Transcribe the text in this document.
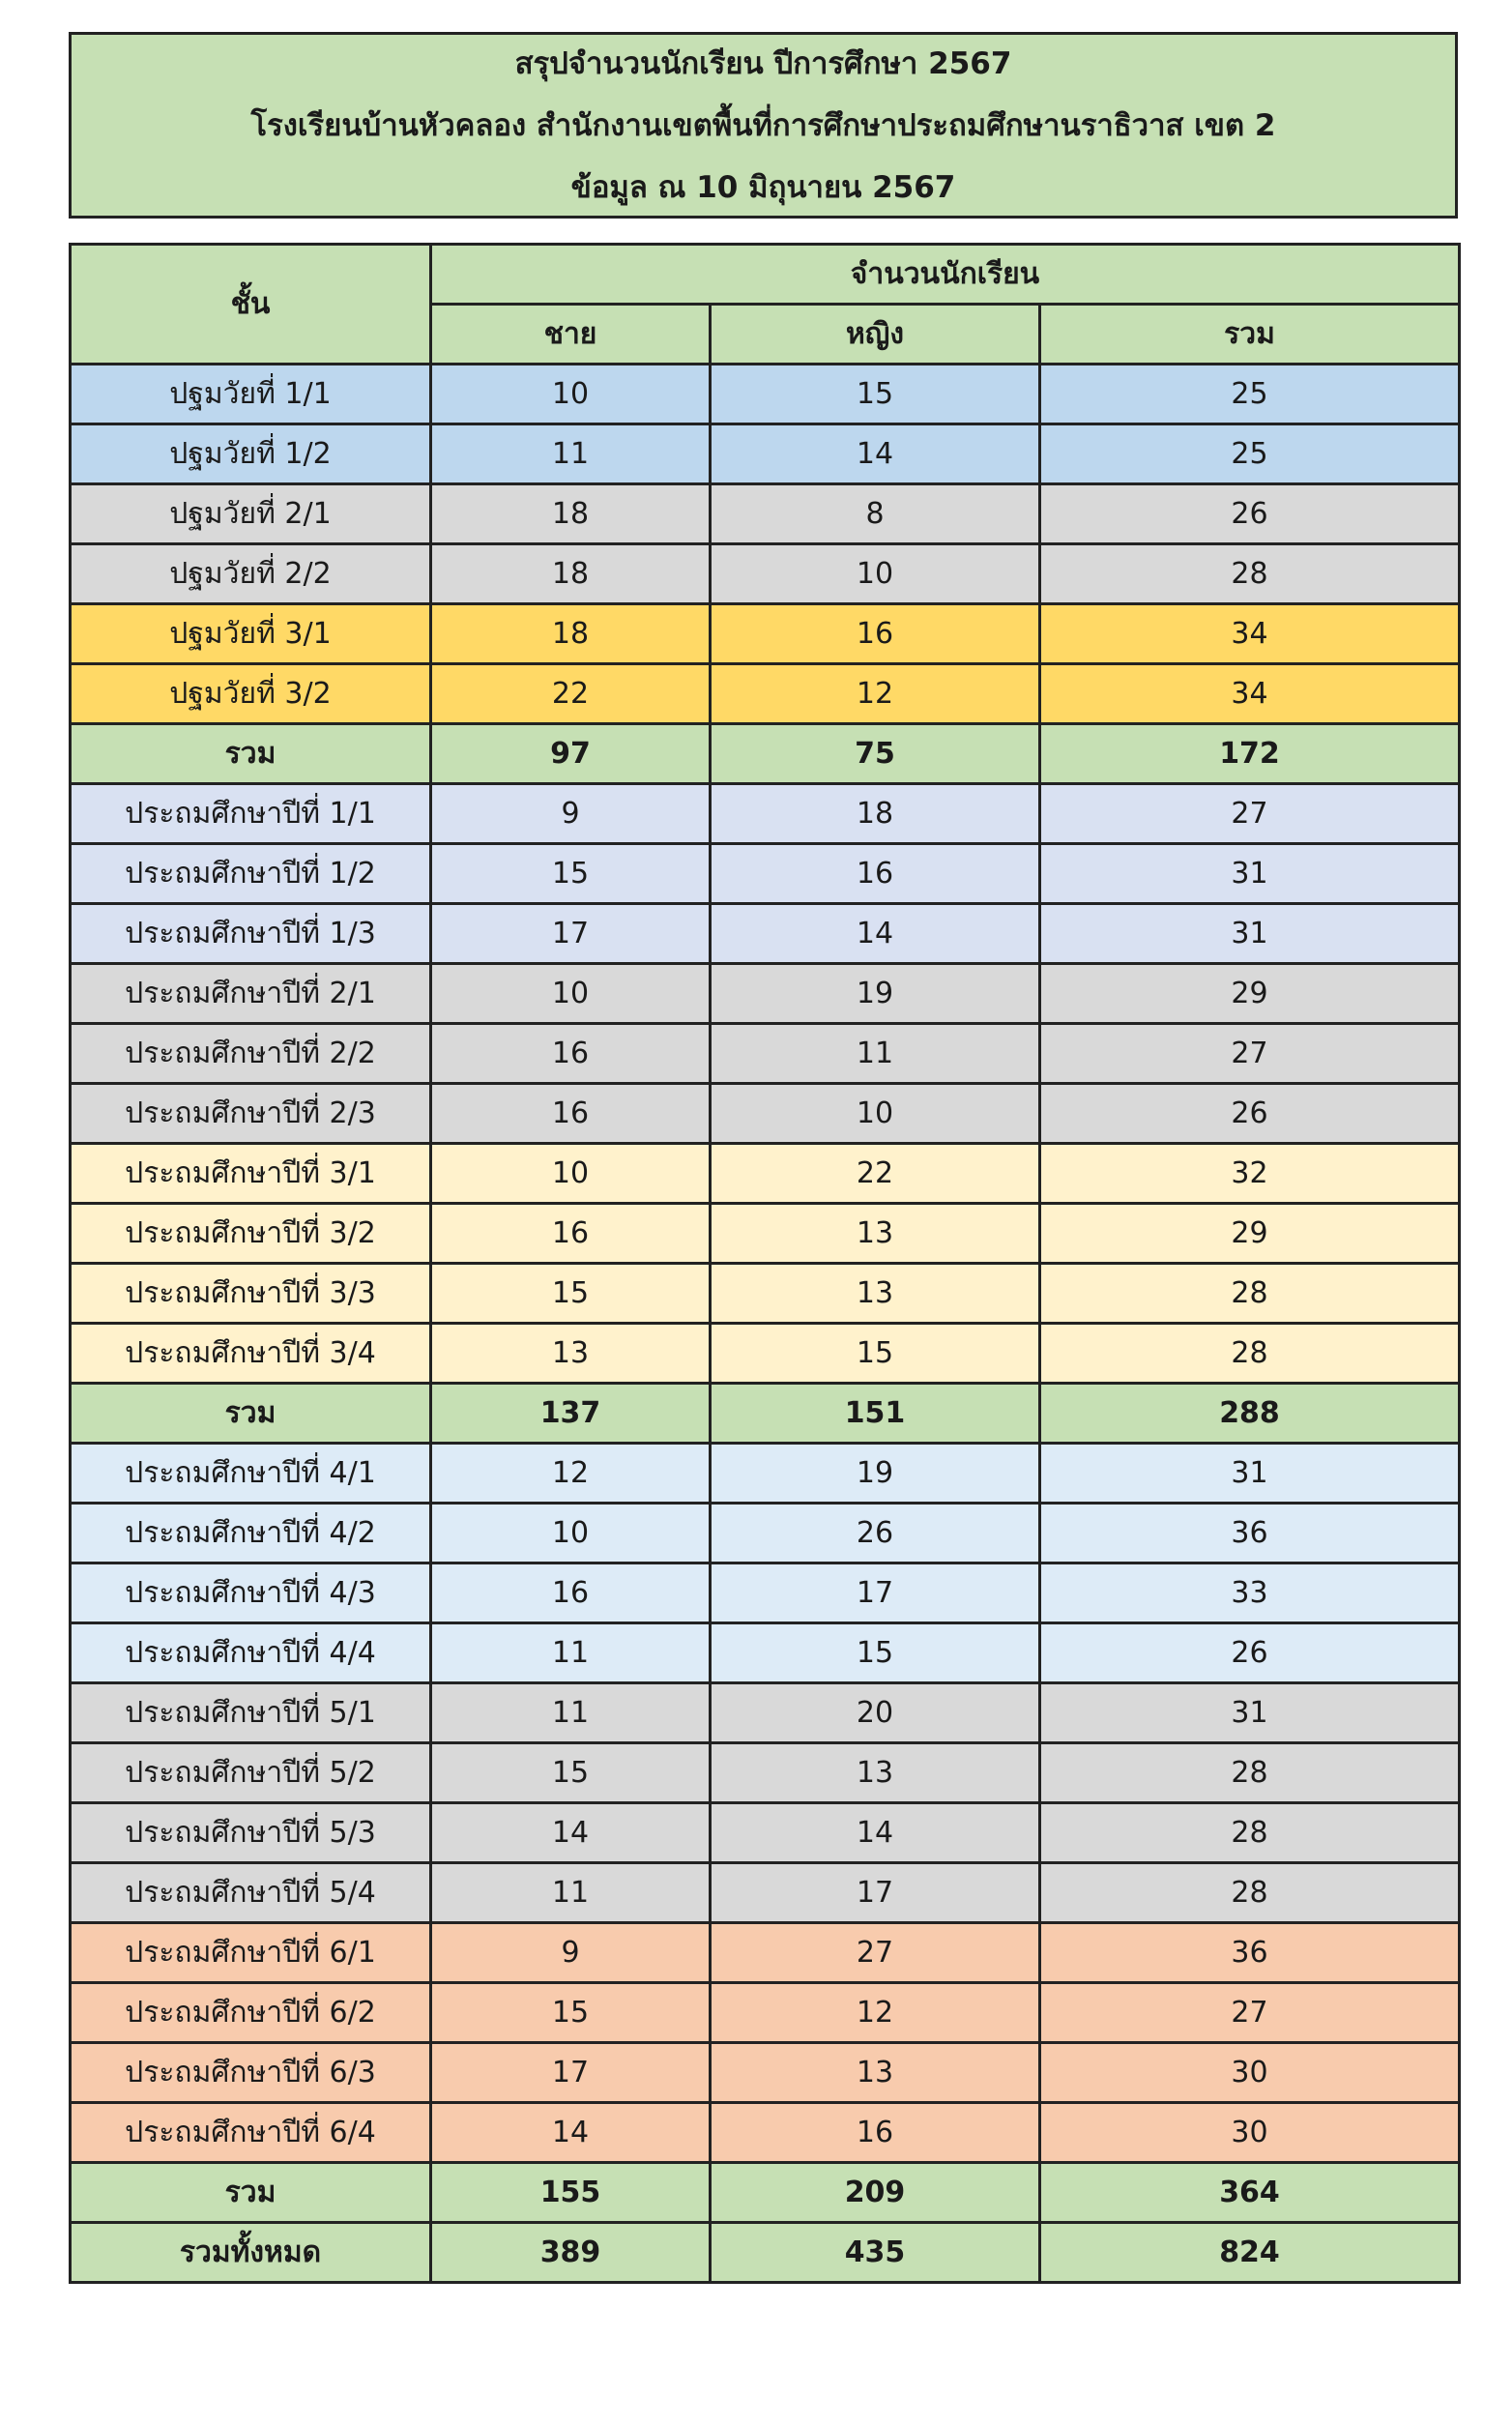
สรุปจำนวนนักเรียน ปีการศึกษา 2567
โรงเรียนบ้านหัวคลอง สำนักงานเขตพื้นที่การศึกษาประถมศึกษานราธิวาส เขต 2
ข้อมูล ณ 10 มิถุนายน 2567
ชั้น	จำนวนนักเรียน		
	ชาย	หญิง	รวม
ปฐมวัยที่ 1/1	10	15	25
ปฐมวัยที่ 1/2	11	14	25
ปฐมวัยที่ 2/1	18	8	26
ปฐมวัยที่ 2/2	18	10	28
ปฐมวัยที่ 3/1	18	16	34
ปฐมวัยที่ 3/2	22	12	34
รวม	97	75	172
ประถมศึกษาปีที่ 1/1	9	18	27
ประถมศึกษาปีที่ 1/2	15	16	31
ประถมศึกษาปีที่ 1/3	17	14	31
ประถมศึกษาปีที่ 2/1	10	19	29
ประถมศึกษาปีที่ 2/2	16	11	27
ประถมศึกษาปีที่ 2/3	16	10	26
ประถมศึกษาปีที่ 3/1	10	22	32
ประถมศึกษาปีที่ 3/2	16	13	29
ประถมศึกษาปีที่ 3/3	15	13	28
ประถมศึกษาปีที่ 3/4	13	15	28
รวม	137	151	288
ประถมศึกษาปีที่ 4/1	12	19	31
ประถมศึกษาปีที่ 4/2	10	26	36
ประถมศึกษาปีที่ 4/3	16	17	33
ประถมศึกษาปีที่ 4/4	11	15	26
ประถมศึกษาปีที่ 5/1	11	20	31
ประถมศึกษาปีที่ 5/2	15	13	28
ประถมศึกษาปีที่ 5/3	14	14	28
ประถมศึกษาปีที่ 5/4	11	17	28
ประถมศึกษาปีที่ 6/1	9	27	36
ประถมศึกษาปีที่ 6/2	15	12	27
ประถมศึกษาปีที่ 6/3	17	13	30
ประถมศึกษาปีที่ 6/4	14	16	30
รวม	155	209	364
รวมทั้งหมด	389	435	824
